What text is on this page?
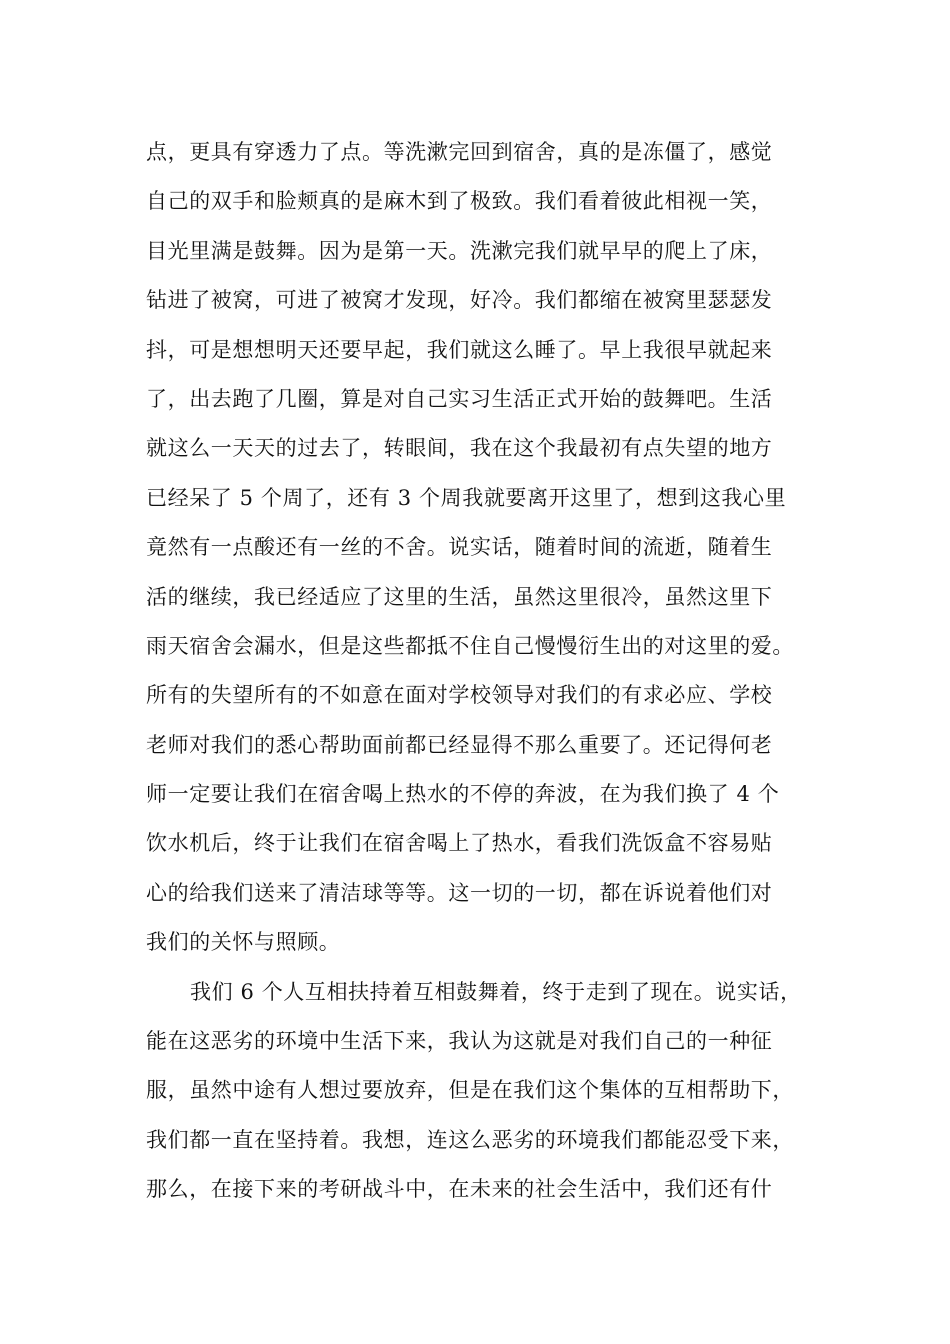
点，更具有穿透力了点。等洗漱完回到宿舍，真的是冻僵了，感觉
自己的双手和脸颊真的是麻木到了极致。我们看着彼此相视一笑，
目光里满是鼓舞。因为是第一天。洗漱完我们就早早的爬上了床，
钻进了被窝，可进了被窝才发现，好冷。我们都缩在被窝里瑟瑟发
抖，可是想想明天还要早起，我们就这么睡了。早上我很早就起来
了，出去跑了几圈，算是对自己实习生活正式开始的鼓舞吧。生活
就这么一天天的过去了，转眼间，我在这个我最初有点失望的地方
已经呆了 5 个周了，还有 3 个周我就要离开这里了，想到这我心里
竟然有一点酸还有一丝的不舍。说实话，随着时间的流逝，随着生
活的继续，我已经适应了这里的生活，虽然这里很冷，虽然这里下
雨天宿舍会漏水，但是这些都抵不住自己慢慢衍生出的对这里的爱。
所有的失望所有的不如意在面对学校领导对我们的有求必应、学校
老师对我们的悉心帮助面前都已经显得不那么重要了。还记得何老
师一定要让我们在宿舍喝上热水的不停的奔波，在为我们换了 4 个
饮水机后，终于让我们在宿舍喝上了热水，看我们洗饭盒不容易贴
心的给我们送来了清洁球等等。这一切的一切，都在诉说着他们对
我们的关怀与照顾。
我们 6 个人互相扶持着互相鼓舞着，终于走到了现在。说实话，
能在这恶劣的环境中生活下来，我认为这就是对我们自己的一种征
服，虽然中途有人想过要放弃，但是在我们这个集体的互相帮助下，
我们都一直在坚持着。我想，连这么恶劣的环境我们都能忍受下来，
那么，在接下来的考研战斗中，在未来的社会生活中，我们还有什
